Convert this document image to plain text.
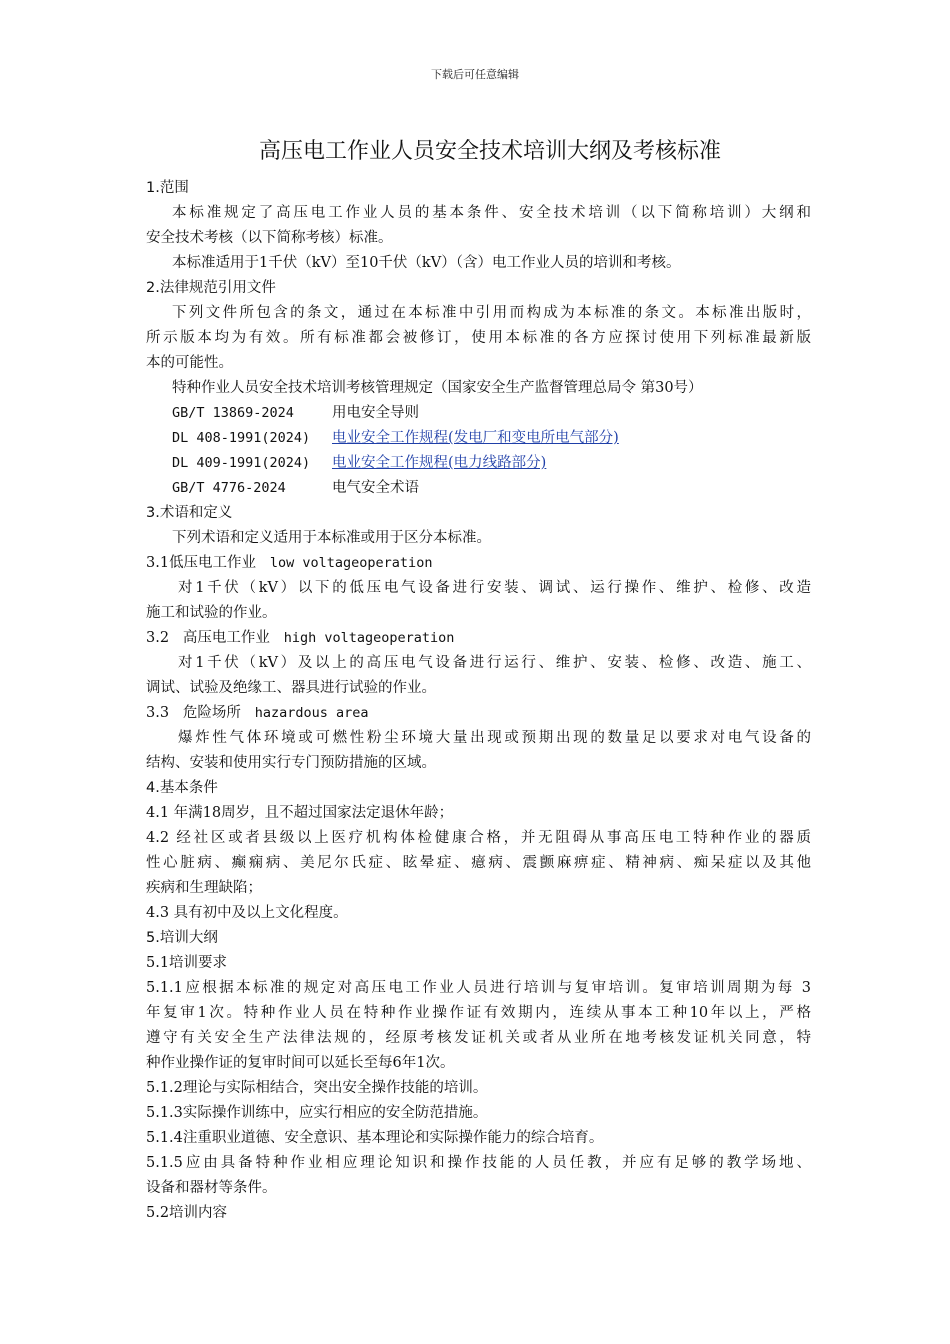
下载后可任意编辑
高压电工作业人员安全技术培训大纲及考核标准
1.范围
本标准规定了高压电工作业人员的基本条件、安全技术培训（以下简称培训）大纲和
安全技术考核（以下简称考核）标准。
本标准适用于1千伏（kV）至10千伏（kV）（含）电工作业人员的培训和考核。
2.法律规范引用文件
下列文件所包含的条文，通过在本标准中引用而构成为本标准的条文。本标准出版时，
所示版本均为有效。所有标准都会被修订，使用本标准的各方应探讨使用下列标准最新版
本的可能性。
特种作业人员安全技术培训考核管理规定（国家安全生产监督管理总局令 第30号）
GB/T 13869-2024	用电安全导则
DL 408-1991(2024)	电业安全工作规程(发电厂和变电所电气部分)
DL 409-1991(2024)	电业安全工作规程(电力线路部分)
GB/T 4776-2024	电气安全术语
3.术语和定义
下列术语和定义适用于本标准或用于区分本标准。
3.1低压电工作业 low voltageoperation
对1千伏（kV）以下的低压电气设备进行安装、调试、运行操作、维护、检修、改造
施工和试验的作业。
3.2 高压电工作业 high voltageoperation
对1千伏（kV）及以上的高压电气设备进行运行、维护、安装、检修、改造、施工、
调试、试验及绝缘工、器具进行试验的作业。
3.3 危险场所 hazardous area
爆炸性气体环境或可燃性粉尘环境大量出现或预期出现的数量足以要求对电气设备的
结构、安装和使用实行专门预防措施的区域。
4.基本条件
4.1 年满18周岁，且不超过国家法定退休年龄；
4.2 经社区或者县级以上医疗机构体检健康合格，并无阻碍从事高压电工特种作业的器质
性心脏病、癫痫病、美尼尔氏症、眩晕症、癔病、震颤麻痹症、精神病、痴呆症以及其他
疾病和生理缺陷；
4.3 具有初中及以上文化程度。
5.培训大纲
5.1培训要求
5.1.1应根据本标准的规定对高压电工作业人员进行培训与复审培训。复审培训周期为每 3
年复审1次。特种作业人员在特种作业操作证有效期内，连续从事本工种10年以上，严格
遵守有关安全生产法律法规的，经原考核发证机关或者从业所在地考核发证机关同意，特
种作业操作证的复审时间可以延长至每6年1次。
5.1.2理论与实际相结合，突出安全操作技能的培训。
5.1.3实际操作训练中，应实行相应的安全防范措施。
5.1.4注重职业道德、安全意识、基本理论和实际操作能力的综合培育。
5.1.5应由具备特种作业相应理论知识和操作技能的人员任教，并应有足够的教学场地、
设备和器材等条件。
5.2培训内容
